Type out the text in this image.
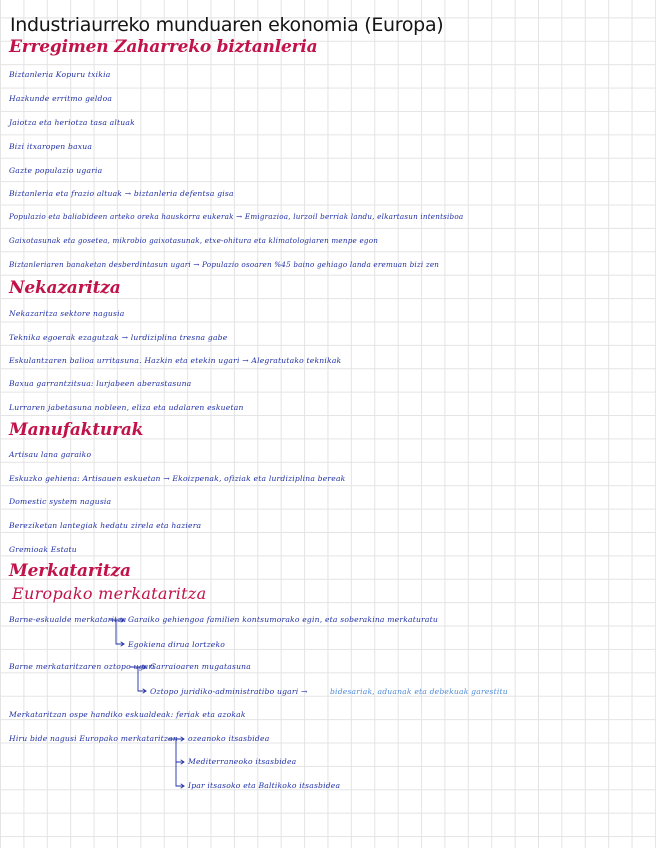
Industriaurreko munduaren ekonomia (Europa)
Erregimen Zaharreko biztanleria
Biztanleria Kopuru txikia
Hazkunde erritmo geldoa
Jaiotza eta heriotza tasa altuak
Bizi itxaropen baxua
Gazte populazio ugaria
Biztanleria eta frazio altuak → biztanleria defentsa gisa
Populazio eta baliabideen arteko oreka hauskorra eukerak → Emigrazioa, lurzoil berriak landu, elkartasun intentsiboa
Gaixotasunak eta gosetea, mikrobio gaixotasunak, etxe-ohitura eta klimatologiaren menpe egon
Biztanleriaren banaketan desberdintasun ugari → Populazio osoaren %45 baino gehiago landa eremuan bizi zen
Nekazaritza
Nekazaritza sektore nagusia
Teknika egoerak ezagutzak → lurdiziplina tresna gabe
Eskulantzaren balioa urritasuna. Hazkin eta etekin ugari → Alegratutako teknikak
Baxua garrantzitsua: lurjabeen aberastasuna
Lurraren jabetasuna nobleen, eliza eta udalaren eskuetan
Manufakturak
Artisau lana garaiko
Eskuzko gehiena: Artisauen eskuetan → Ekoizpenak, ofiziak eta lurdiziplina bereak
Domestic system nagusia
Bereziketan lantegiak hedatu zirela eta haziera
Gremioak Estatu
Merkataritza
Europako merkataritza
Barne-eskualde merkataritza Garaiko gehiengoa familien kontsumorako egin, eta soberakina merkaturatu
Egokiena dirua lortzeko
Barne merkataritzaren oztopo ugari
Garraioaren mugatasuna
Oztopo juridiko-administratibo ugari →	bidesariak, aduanak eta debekuak garestitu
Merkataritzan ospe handiko eskualdeak: feriak eta azokak
Hiru bide nagusi Europako merkataritzan ozeanoko itsasbidea
Mediterraneoko itsasbidea
Ipar itsasoko eta Baltikoko itsasbidea
